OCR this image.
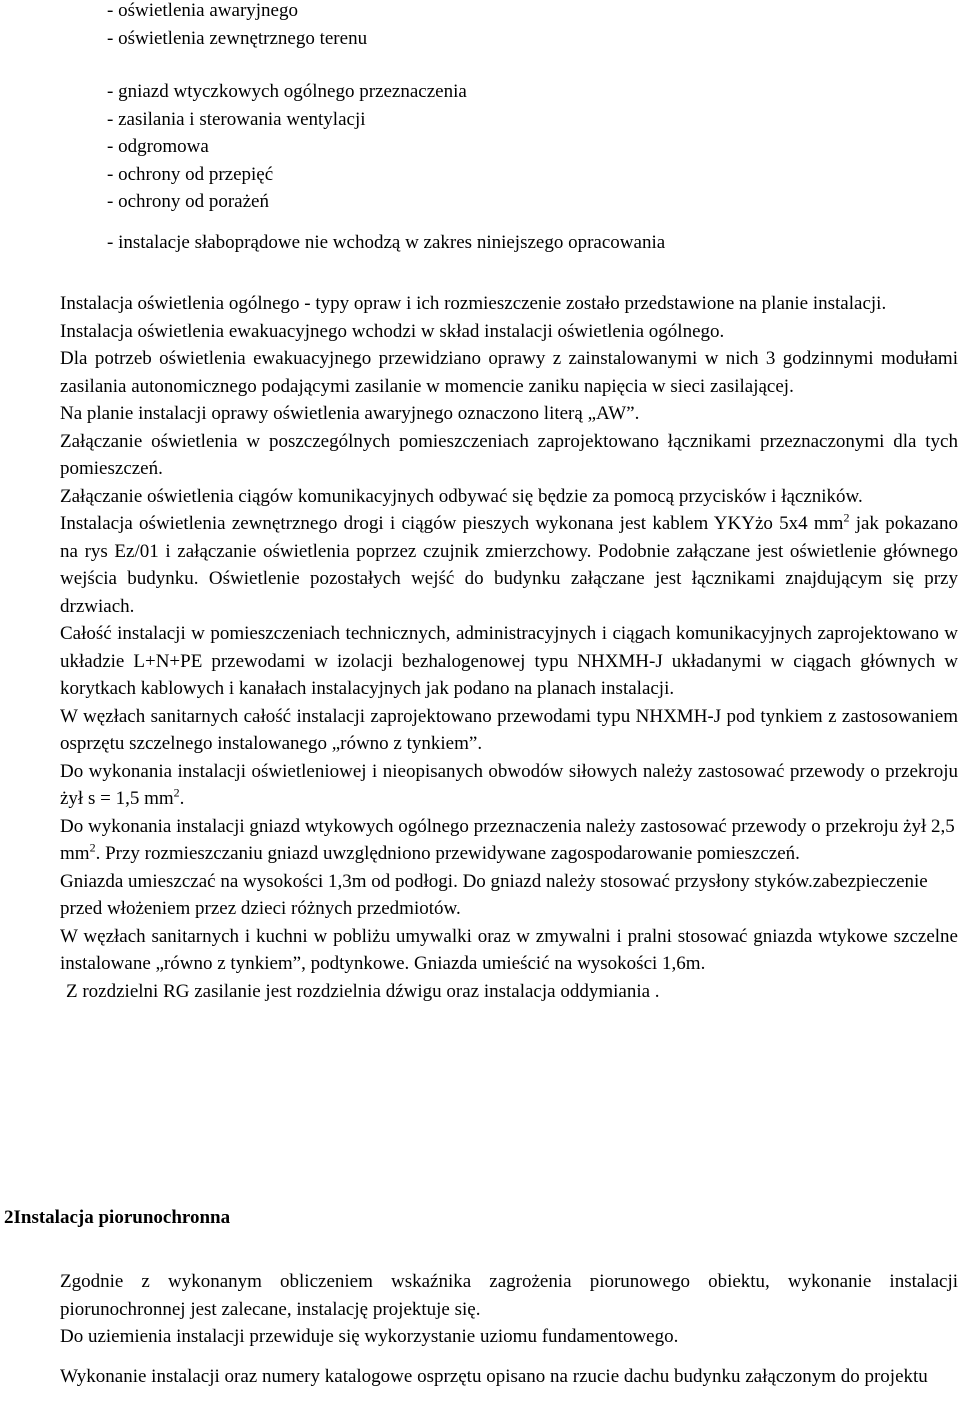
- oświetlenia awaryjnego
- oświetlenia zewnętrznego terenu
- gniazd wtyczkowych ogólnego przeznaczenia
- zasilania i sterowania wentylacji
- odgromowa
- ochrony od przepięć
- ochrony od porażeń
- instalacje słaboprądowe nie wchodzą w zakres niniejszego opracowania

Instalacja oświetlenia ogólnego - typy opraw i ich rozmieszczenie zostało przedstawione na planie instalacji.

Instalacja oświetlenia ewakuacyjnego wchodzi w skład instalacji oświetlenia ogólnego.

Dla potrzeb oświetlenia ewakuacyjnego przewidziano oprawy z zainstalowanymi w nich 3 godzinnymi modułami zasilania autonomicznego podającymi zasilanie w momencie zaniku napięcia w sieci zasilającej.

Na planie instalacji oprawy oświetlenia awaryjnego oznaczono literą „AW”.

Załączanie oświetlenia w poszczególnych pomieszczeniach zaprojektowano łącznikami przeznaczonymi dla tych pomieszczeń.

Załączanie oświetlenia ciągów komunikacyjnych odbywać się będzie za pomocą przycisków i łączników.

Instalacja oświetlenia zewnętrznego drogi i ciągów pieszych wykonana jest kablem YKYżo 5x4 $mm^2$ jak pokazano na rys Ez/01 i załączanie oświetlenia poprzez czujnik zmierzchowy. Podobnie załączane jest oświetlenie głównego wejścia budynku. Oświetlenie pozostałych wejść do budynku załączane jest łącznikami znajdującym się przy drzwiach.

Całość instalacji w pomieszczeniach technicznych, administracyjnych i ciągach komunikacyjnych zaprojektowano w układzie L+N+PE przewodami w izolacji bezhalogenowej typu NHXMH-J układanymi w ciągach głównych w korytkach kablowych i kanałach instalacyjnych jak podano na planach instalacji.

W węzłach sanitarnych całość instalacji zaprojektowano przewodami typu NHXMH-J pod tynkiem z zastosowaniem osprzętu szczelnego instalowanego „równo z tynkiem”.

Do wykonania instalacji oświetleniowej i nieopisanych obwodów siłowych należy zastosować przewody o przekroju żył s = 1,5 $mm^2$.

Do wykonania instalacji gniazd wtykowych ogólnego przeznaczenia należy zastosować przewody o przekroju żył 2,5 $mm^2$. Przy rozmieszczaniu gniazd uwzględniono przewidywane zagospodarowanie pomieszczeń.

Gniazda umieszczać na wysokości 1,3m od podłogi. Do gniazd należy stosować przysłony styków.zabezpieczenie przed włożeniem przez dzieci różnych przedmiotów.

W węzłach sanitarnych i kuchni w pobliżu umywalki oraz w zmywalni i pralni stosować gniazda wtykowe szczelne instalowane „równo z tynkiem”, podtynkowe. Gniazda umieścić na wysokości 1,6m.

Z rozdzielni RG zasilanie jest rozdzielnia dźwigu oraz instalacja oddymiania .

2Instalacja piorunochronna

Zgodnie z wykonanym obliczeniem wskaźnika zagrożenia piorunowego obiektu, wykonanie instalacji piorunochronnej jest zalecane, instalację projektuje się.

Do uziemienia instalacji przewiduje się wykorzystanie uziomu fundamentowego.

Wykonanie instalacji oraz numery katalogowe osprzętu opisano na rzucie dachu budynku załączonym do projektu
